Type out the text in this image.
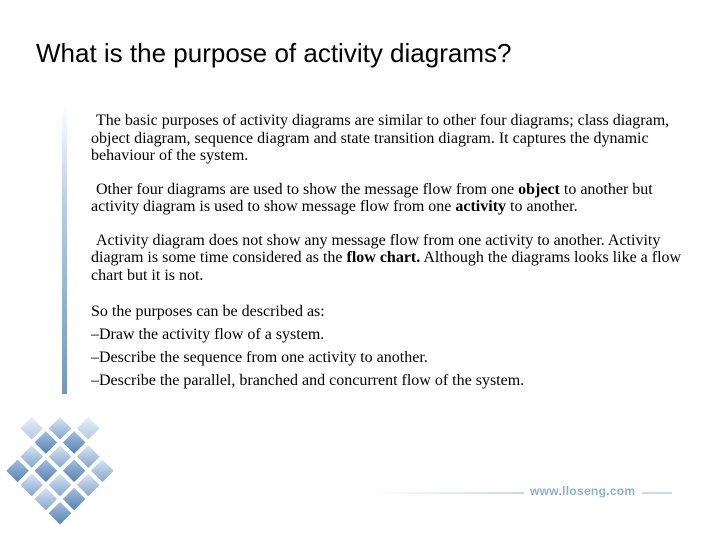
What is the purpose of activity diagrams?

The basic purposes of activity diagrams are similar to other four diagrams; class diagram, object diagram, sequence diagram and state transition diagram. It captures the dynamic behaviour of the system.

Other four diagrams are used to show the message flow from one object to another but activity diagram is used to show message flow from one activity to another.

Activity diagram does not show any message flow from one activity to another. Activity diagram is some time considered as the flow chart. Although the diagrams looks like a flow chart but it is not.

So the purposes can be described as:
–Draw the activity flow of a system.
–Describe the sequence from one activity to another.
–Describe the parallel, branched and concurrent flow of the system.
www.lloseng.com
